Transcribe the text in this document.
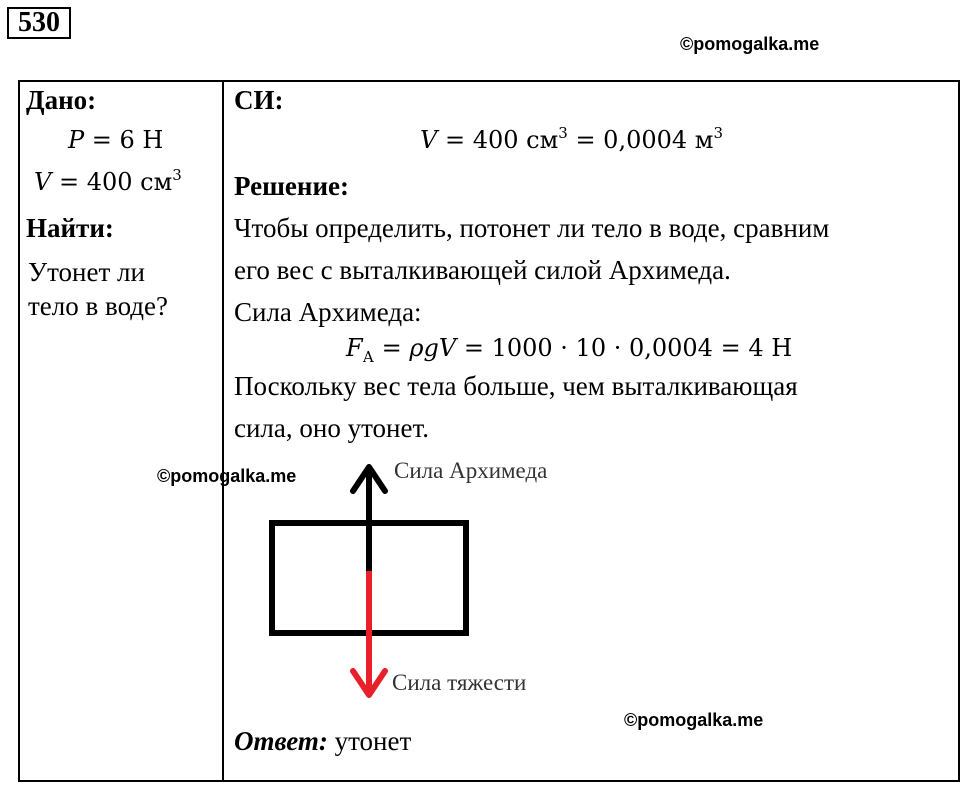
530
©pomogalka.me
Дано:
P = 6 Н
V = 400 $см^3$
Найти:
Утонет ли
тело в воде?
СИ:
V = 400 $см^3 = 0,0004$ $м^3$
Решение:
Чтобы определить, потонет ли тело в воде, сравним
его вес с выталкивающей силой Архимеда.
Сила Архимеда:
$F_А = \rho gV = 1000 \cdot 10 \cdot 0,0004 = 4$ Н
Поскольку вес тела больше, чем выталкивающая
сила, оно утонет.
©pomogalka.me	Сила Архимеда
Сила тяжести
©pomogalka.me
Ответ: утонет
